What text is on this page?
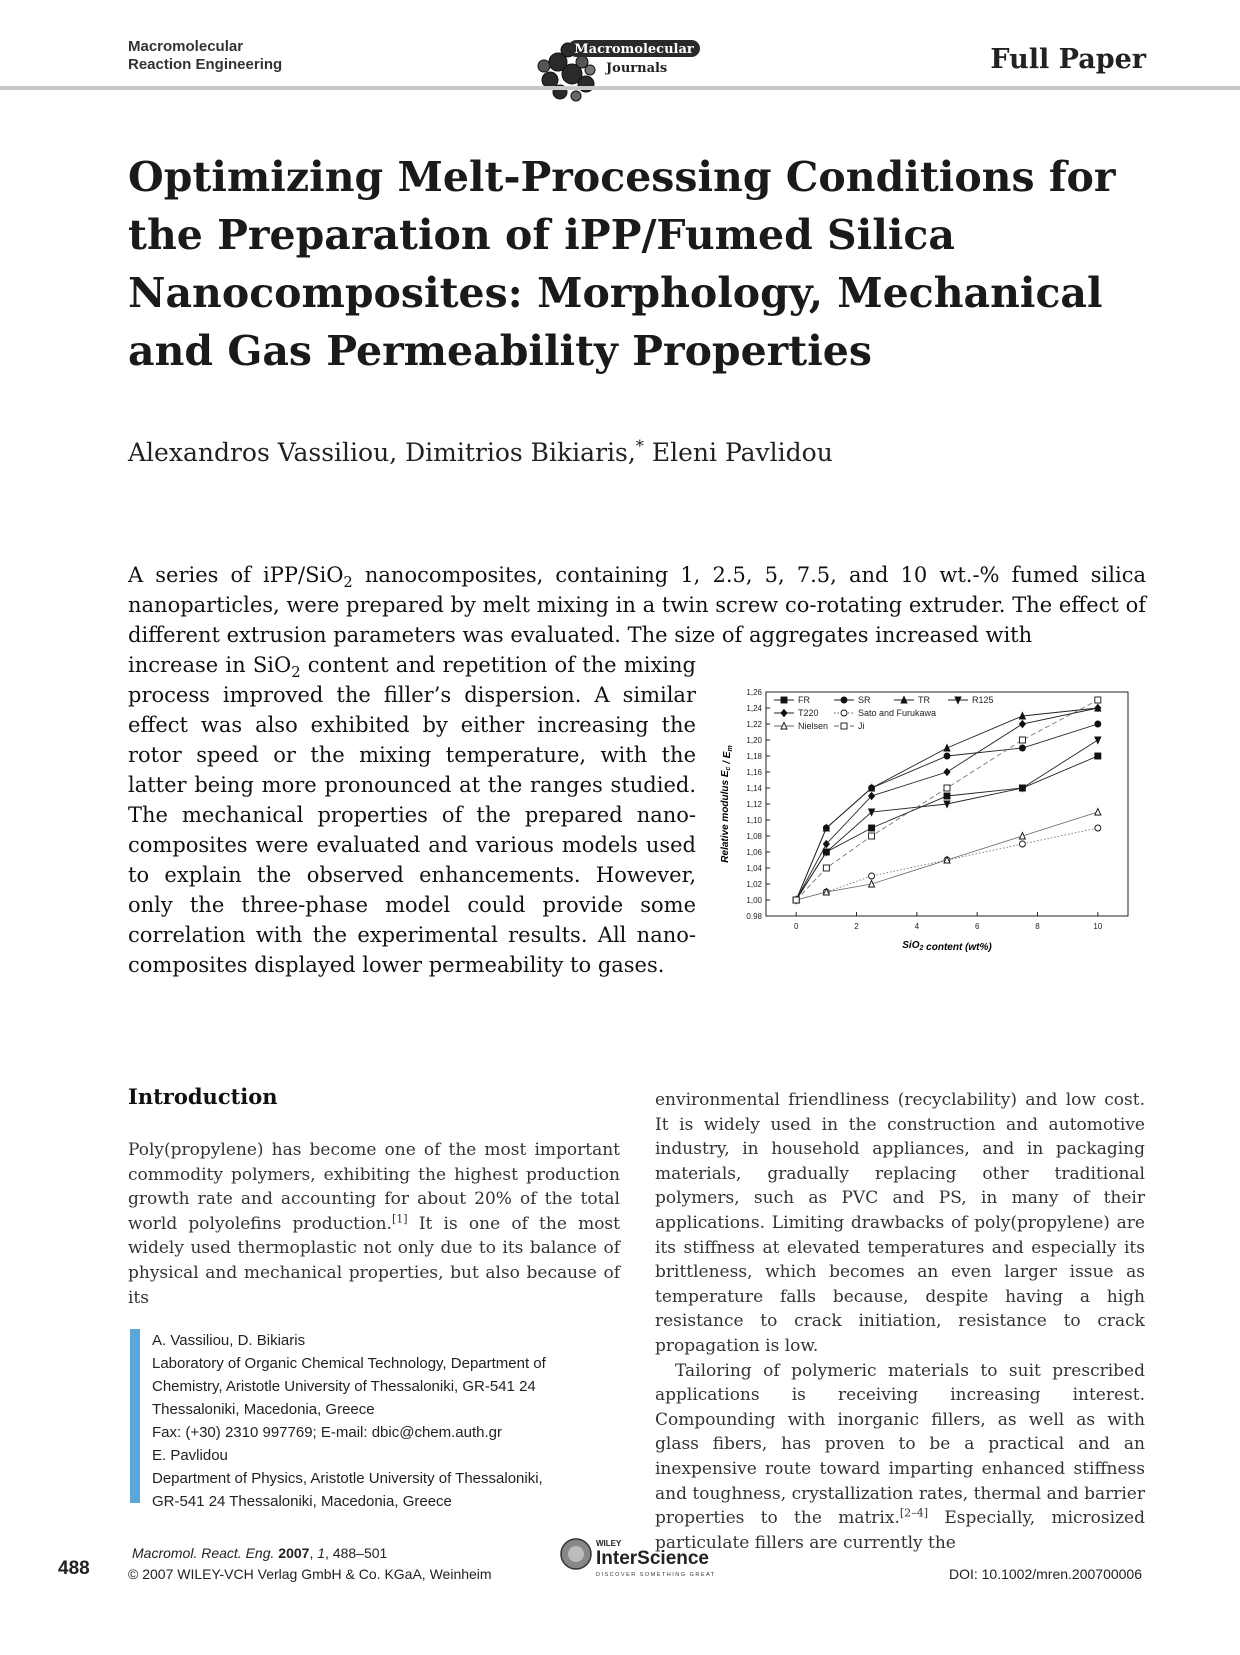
Macromolecular
Reaction Engineering
Macromolecular
Journals	Full Paper
Optimizing Melt-Processing Conditions for the Preparation of iPP/Fumed Silica Nanocomposites: Morphology, Mechanical and Gas Permeability Properties
Alexandros Vassiliou, Dimitrios Bikiaris,* Eleni Pavlidou
A series of iPP/SiO$_2$ nanocomposites, containing 1, 2.5, 5, 7.5, and 10 wt.-% fumed silica nanoparticles, were prepared by melt mixing in a twin screw co-rotating extruder. The effect of different extrusion parameters was evaluated. The size of aggregates increased with
increase in SiO$_2$ content and repetition of the mixing process improved the filler’s dispersion. A similar effect was also exhibited by either increasing the rotor speed or the mixing temperature, with the latter being more pronounced at the ranges studied. The mechanical properties of the prepared nano-composites were evaluated and various models used to explain the observed enhancements. However, only the three-phase model could provide some correlation with the experimental results. All nano-composites displayed lower permeability to gases.
0.98
1,00
1,02
1,04
1,06
1,08
1,10
1,12
1,14
1,16
1,18
1,20
1,22
1,24
1,26
0	2	4	6	8	10
FR	SR	TR	R125
T220	Sato and Furukawa
Nielsen	Ji
Relative modulus $E_c / E_m$
SiO$_2$ content (wt%)
Introduction
Poly(propylene) has become one of the most important commodity polymers, exhibiting the highest production growth rate and accounting for about 20% of the total world polyolefins production.[1] It is one of the most widely used thermoplastic not only due to its balance of physical and mechanical properties, but also because of its

environmental friendliness (recyclability) and low cost. It is widely used in the construction and automotive industry, in household appliances, and in packaging materials, gradually replacing other traditional polymers, such as PVC and PS, in many of their applications. Limiting drawbacks of poly(propylene) are its stiffness at elevated temperatures and especially its brittleness, which becomes an even larger issue as temperature falls because, despite having a high resistance to crack initiation, resistance to crack propagation is low.

Tailoring of polymeric materials to suit prescribed applications is receiving increasing interest. Compounding with inorganic fillers, as well as with glass fibers, has proven to be a practical and an inexpensive route toward imparting enhanced stiffness and toughness, crystallization rates, thermal and barrier properties to the matrix.[2–4] Especially, microsized particulate fillers are currently the

A. Vassiliou, D. Bikiaris
Laboratory of Organic Chemical Technology, Department of
Chemistry, Aristotle University of Thessaloniki, GR-541 24
Thessaloniki, Macedonia, Greece
Fax: (+30) 2310 997769; E-mail: dbic@chem.auth.gr
E. Pavlidou
Department of Physics, Aristotle University of Thessaloniki,
GR-541 24 Thessaloniki, Macedonia, Greece
488
Macromol. React. Eng. 2007, 1, 488–501
© 2007 WILEY-VCH Verlag GmbH & Co. KGaA, Weinheim
WILEY
InterScience
DISCOVER SOMETHING GREAT	DOI: 10.1002/mren.200700006
